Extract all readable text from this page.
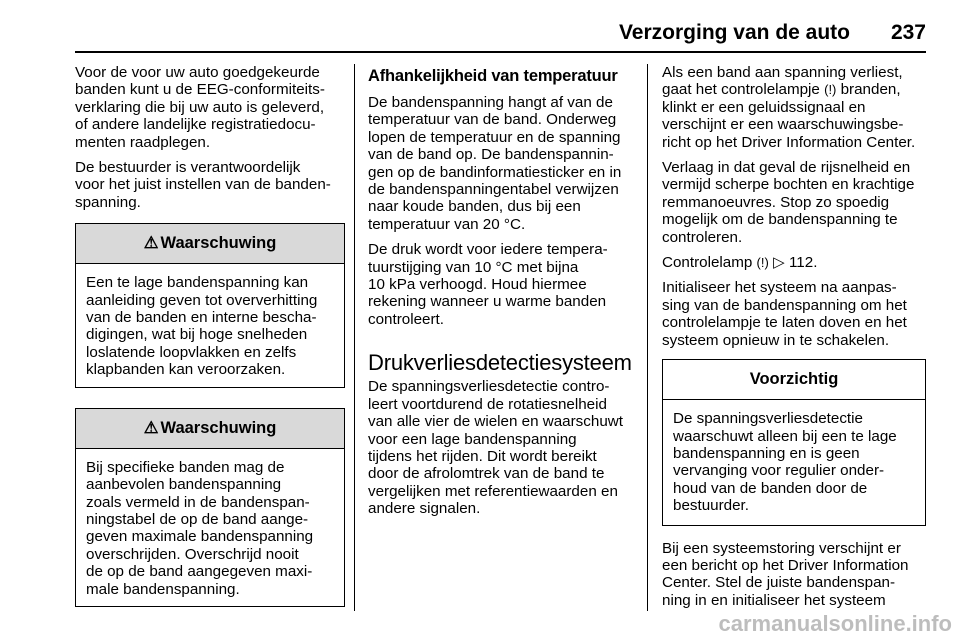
Verzorging van de auto	237

Voor de voor uw auto goedgekeurde
banden kunt u de EEG-conformiteits-
verklaring die bij uw auto is geleverd,
of andere landelijke registratiedocu-
menten raadplegen.

De bestuurder is verantwoordelijk
voor het juist instellen van de banden-
spanning.

⚠ Waarschuwing
Een te lage bandenspanning kan
aanleiding geven tot oververhitting
van de banden en interne bescha-
digingen, wat bij hoge snelheden
loslatende loopvlakken en zelfs
klapbanden kan veroorzaken.
⚠ Waarschuwing
Bij specifieke banden mag de
aanbevolen bandenspanning
zoals vermeld in de bandenspan-
ningstabel de op de band aange-
geven maximale bandenspanning
overschrijden. Overschrijd nooit
de op de band aangegeven maxi-
male bandenspanning.
Afhankelijkheid van temperatuur

De bandenspanning hangt af van de
temperatuur van de band. Onderweg
lopen de temperatuur en de spanning
van de band op. De bandenspannin-
gen op de bandinformatiesticker en in
de bandenspanningentabel verwijzen
naar koude banden, dus bij een
temperatuur van 20 °C.

De druk wordt voor iedere tempera-
tuurstijging van 10 °C met bijna
10 kPa verhoogd. Houd hiermee
rekening wanneer u warme banden
controleert.

Drukverliesdetectiesysteem

De spanningsverliesdetectie contro-
leert voortdurend de rotatiesnelheid
van alle vier de wielen en waarschuwt
voor een lage bandenspanning
tijdens het rijden. Dit wordt bereikt
door de afrolomtrek van de band te
vergelijken met referentiewaarden en
andere signalen.

Als een band aan spanning verliest,
gaat het controlelampje (!) branden,
klinkt er een geluidssignaal en
verschijnt er een waarschuwingsbe-
richt op het Driver Information Center.

Verlaag in dat geval de rijsnelheid en
vermijd scherpe bochten en krachtige
remmanoeuvres. Stop zo spoedig
mogelijk om de bandenspanning te
controleren.

Controlelamp (!) ▷ 112.

Initialiseer het systeem na aanpas-
sing van de bandenspanning om het
controlelampje te laten doven en het
systeem opnieuw in te schakelen.

Voorzichtig
De spanningsverliesdetectie
waarschuwt alleen bij een te lage
bandenspanning en is geen
vervanging voor regulier onder-
houd van de banden door de
bestuurder.

Bij een systeemstoring verschijnt er
een bericht op het Driver Information
Center. Stel de juiste bandenspan-
ning in en initialiseer het systeem

carmanualsonline.info
